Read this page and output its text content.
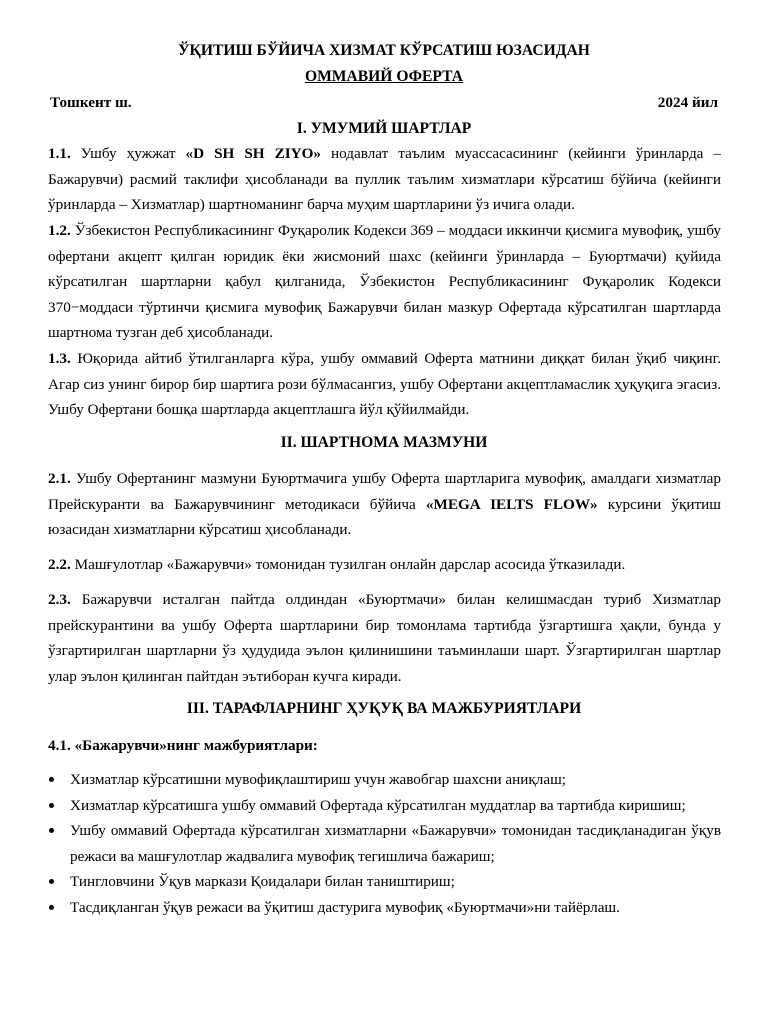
ЎҚИТИШ БЎЙИЧА ХИЗМАТ КЎРСАТИШ ЮЗАСИДАН
ОММАВИЙ ОФЕРТА
Тошкент ш.	2024 йил
I. УМУМИЙ ШАРТЛАР
1.1. Ушбу ҳужжат «D SH SH ZIYO» нодавлат таълим муассасасининг (кейинги ўринларда – Бажарувчи) расмий таклифи ҳисобланади ва пуллик таълим хизматлари кўрсатиш бўйича (кейинги ўринларда – Хизматлар) шартноманинг барча муҳим шартларини ўз ичига олади.
1.2. Ўзбекистон Республикасининг Фуқаролик Кодекси 369 – моддаси иккинчи қисмига мувофиқ, ушбу офертани акцепт қилган юридик ёки жисмоний шахс (кейинги ўринларда – Буюртмачи) қуйида кўрсатилган шартларни қабул қилганида, Ўзбекистон Республикасининг Фуқаролик Кодекси 370−моддаси тўртинчи қисмига мувофиқ Бажарувчи билан мазкур Офертада кўрсатилган шартларда шартнома тузган деб ҳисобланади.
1.3. Юқорида айтиб ўтилганларга кўра, ушбу оммавий Оферта матнини диққат билан ўқиб чиқинг. Агар сиз унинг бирор бир шартига рози бўлмасангиз, ушбу Офертани акцептламаслик ҳуқуқига эгасиз. Ушбу Офертани бошқа шартларда акцептлашга йўл қўйилмайди.
II. ШАРТНОМА МАЗМУНИ
2.1. Ушбу Офертанинг мазмуни Буюртмачига ушбу Оферта шартларига мувофиқ, амалдаги хизматлар Прейскуранти ва Бажарувчининг методикаси бўйича «MEGA IELTS FLOW» курсини ўқитиш юзасидан хизматларни кўрсатиш ҳисобланади.
2.2. Машғулотлар «Бажарувчи» томонидан тузилган онлайн дарслар асосида ўтказилади.
2.3. Бажарувчи исталган пайтда олдиндан «Буюртмачи» билан келишмасдан туриб Хизматлар прейскурантини ва ушбу Оферта шартларини бир томонлама тартибда ўзгартишга ҳақли, бунда у ўзгартирилган шартларни ўз ҳудудида эълон қилинишини таъминлаши шарт. Ўзгартирилган шартлар улар эълон қилинган пайтдан эътиборан кучга киради.
III. ТАРАФЛАРНИНГ ҲУҚУҚ ВА МАЖБУРИЯТЛАРИ
4.1. «Бажарувчи»нинг мажбуриятлари:
Хизматлар кўрсатишни мувофиқлаштириш учун жавобгар шахсни аниқлаш;
Хизматлар кўрсатишга ушбу оммавий Офертада кўрсатилган муддатлар ва тартибда киришиш;
Ушбу оммавий Офертада кўрсатилган хизматларни «Бажарувчи» томонидан тасдиқланадиган ўқув режаси ва машғулотлар жадвалига мувофиқ тегишлича бажариш;
Тингловчини Ўқув маркази Қоидалари билан таништириш;
Тасдиқланган ўқув режаси ва ўқитиш дастурига мувофиқ «Буюртмачи»ни тайёрлаш.
